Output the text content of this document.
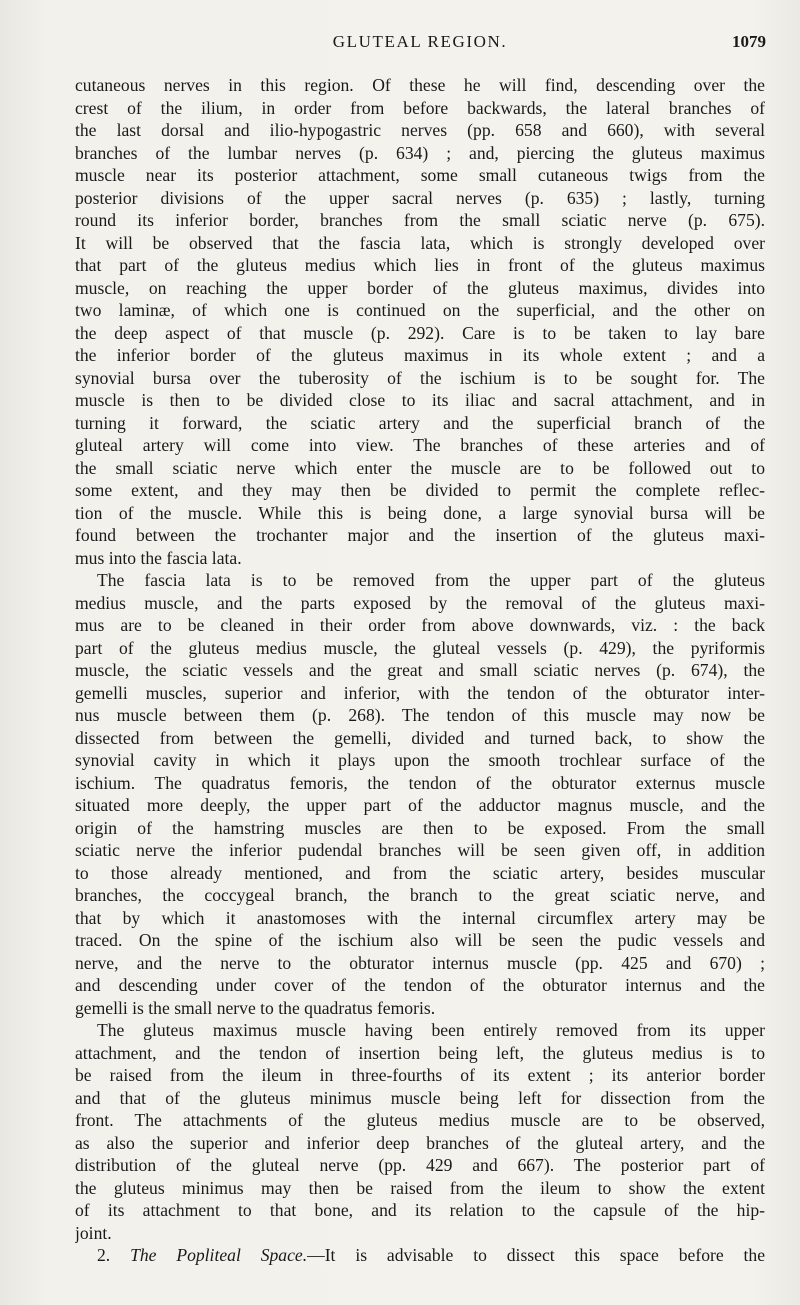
GLUTEAL REGION.	1079
cutaneous nerves in this region. Of these he will find, descending over the
crest of the ilium, in order from before backwards, the lateral branches of
the last dorsal and ilio-hypogastric nerves (pp. 658 and 660), with several
branches of the lumbar nerves (p. 634) ; and, piercing the gluteus maximus
muscle near its posterior attachment, some small cutaneous twigs from the
posterior divisions of the upper sacral nerves (p. 635) ; lastly, turning
round its inferior border, branches from the small sciatic nerve (p. 675).
It will be observed that the fascia lata, which is strongly developed over
that part of the gluteus medius which lies in front of the gluteus maximus
muscle, on reaching the upper border of the gluteus maximus, divides into
two laminæ, of which one is continued on the superficial, and the other on
the deep aspect of that muscle (p. 292). Care is to be taken to lay bare
the inferior border of the gluteus maximus in its whole extent ; and a
synovial bursa over the tuberosity of the ischium is to be sought for. The
muscle is then to be divided close to its iliac and sacral attachment, and in
turning it forward, the sciatic artery and the superficial branch of the
gluteal artery will come into view. The branches of these arteries and of
the small sciatic nerve which enter the muscle are to be followed out to
some extent, and they may then be divided to permit the complete reflec-
tion of the muscle. While this is being done, a large synovial bursa will be
found between the trochanter major and the insertion of the gluteus maxi-
mus into the fascia lata.
The fascia lata is to be removed from the upper part of the gluteus
medius muscle, and the parts exposed by the removal of the gluteus maxi-
mus are to be cleaned in their order from above downwards, viz. : the back
part of the gluteus medius muscle, the gluteal vessels (p. 429), the pyriformis
muscle, the sciatic vessels and the great and small sciatic nerves (p. 674), the
gemelli muscles, superior and inferior, with the tendon of the obturator inter-
nus muscle between them (p. 268). The tendon of this muscle may now be
dissected from between the gemelli, divided and turned back, to show the
synovial cavity in which it plays upon the smooth trochlear surface of the
ischium. The quadratus femoris, the tendon of the obturator externus muscle
situated more deeply, the upper part of the adductor magnus muscle, and the
origin of the hamstring muscles are then to be exposed. From the small
sciatic nerve the inferior pudendal branches will be seen given off, in addition
to those already mentioned, and from the sciatic artery, besides muscular
branches, the coccygeal branch, the branch to the great sciatic nerve, and
that by which it anastomoses with the internal circumflex artery may be
traced. On the spine of the ischium also will be seen the pudic vessels and
nerve, and the nerve to the obturator internus muscle (pp. 425 and 670) ;
and descending under cover of the tendon of the obturator internus and the
gemelli is the small nerve to the quadratus femoris.
The gluteus maximus muscle having been entirely removed from its upper
attachment, and the tendon of insertion being left, the gluteus medius is to
be raised from the ileum in three-fourths of its extent ; its anterior border
and that of the gluteus minimus muscle being left for dissection from the
front. The attachments of the gluteus medius muscle are to be observed,
as also the superior and inferior deep branches of the gluteal artery, and the
distribution of the gluteal nerve (pp. 429 and 667). The posterior part of
the gluteus minimus may then be raised from the ileum to show the extent
of its attachment to that bone, and its relation to the capsule of the hip-
joint.
2. The Popliteal Space.—It is advisable to dissect this space before the
